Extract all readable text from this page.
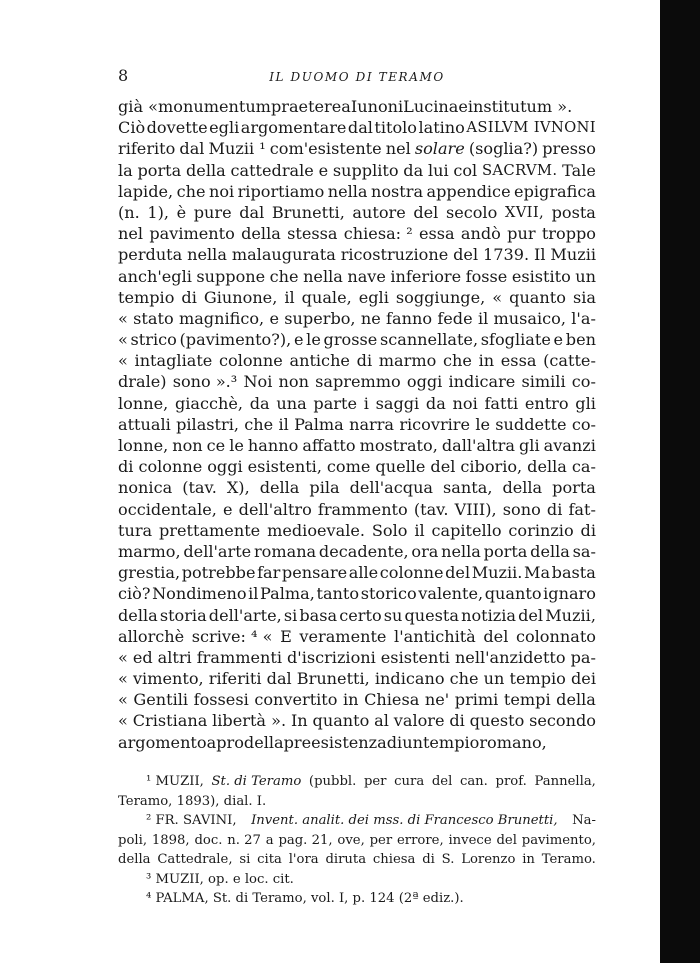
8	IL DUOMO DI TERAMO
già « monumentum praeterea Iunoni Lucinae institutum ».
Ciò dovette egli argomentare dal titolo latino ASILVM IVNONI
riferito dal Muzii ¹ com'esistente nel solare (soglia?) presso
la porta della cattedrale e supplito da lui col SACRVM. Tale
lapide, che noi riportiamo nella nostra appendice epigrafica
(n. 1), è pure dal Brunetti, autore del secolo XVII, posta
nel pavimento della stessa chiesa: ² essa andò pur troppo
perduta nella malaugurata ricostruzione del 1739. Il Muzii
anch'egli suppone che nella nave inferiore fosse esistito un
tempio di Giunone, il quale, egli soggiunge, « quanto sia
« stato magnifico, e superbo, ne fanno fede il musaico, l'a-
« strico (pavimento?), e le grosse scannellate, sfogliate e ben
« intagliate colonne antiche di marmo che in essa (catte-
drale) sono ».³ Noi non sapremmo oggi indicare simili co-
lonne, giacchè, da una parte i saggi da noi fatti entro gli
attuali pilastri, che il Palma narra ricovrire le suddette co-
lonne, non ce le hanno affatto mostrato, dall'altra gli avanzi
di colonne oggi esistenti, come quelle del ciborio, della ca-
nonica (tav. X), della pila dell'acqua santa, della porta
occidentale, e dell'altro frammento (tav. VIII), sono di fat-
tura prettamente medioevale. Solo il capitello corinzio di
marmo, dell'arte romana decadente, ora nella porta della sa-
grestia, potrebbe far pensare alle colonne del Muzii. Ma basta
ciò? Nondimeno il Palma, tanto storico valente, quanto ignaro
della storia dell'arte, si basa certo su questa notizia del Muzii,
allorchè scrive: ⁴ « E veramente l'antichità del colonnato
« ed altri frammenti d'iscrizioni esistenti nell'anzidetto pa-
« vimento, riferiti dal Brunetti, indicano che un tempio dei
« Gentili fossesi convertito in Chiesa ne' primi tempi della
« Cristiana libertà ». In quanto al valore di questo secondo
argomento a pro della preesistenza di un tempio romano,
¹ MUZII, St. di Teramo (pubbl. per cura del can. prof. Pannella,
Teramo, 1893), dial. I.
² FR. SAVINI, Invent. analit. dei mss. di Francesco Brunetti, Na-
poli, 1898, doc. n. 27 a pag. 21, ove, per errore, invece del pavimento,
della Cattedrale, si cita l'ora diruta chiesa di S. Lorenzo in Teramo.
³ MUZII, op. e loc. cit.
⁴ PALMA, St. di Teramo, vol. I, p. 124 (2ª ediz.).
